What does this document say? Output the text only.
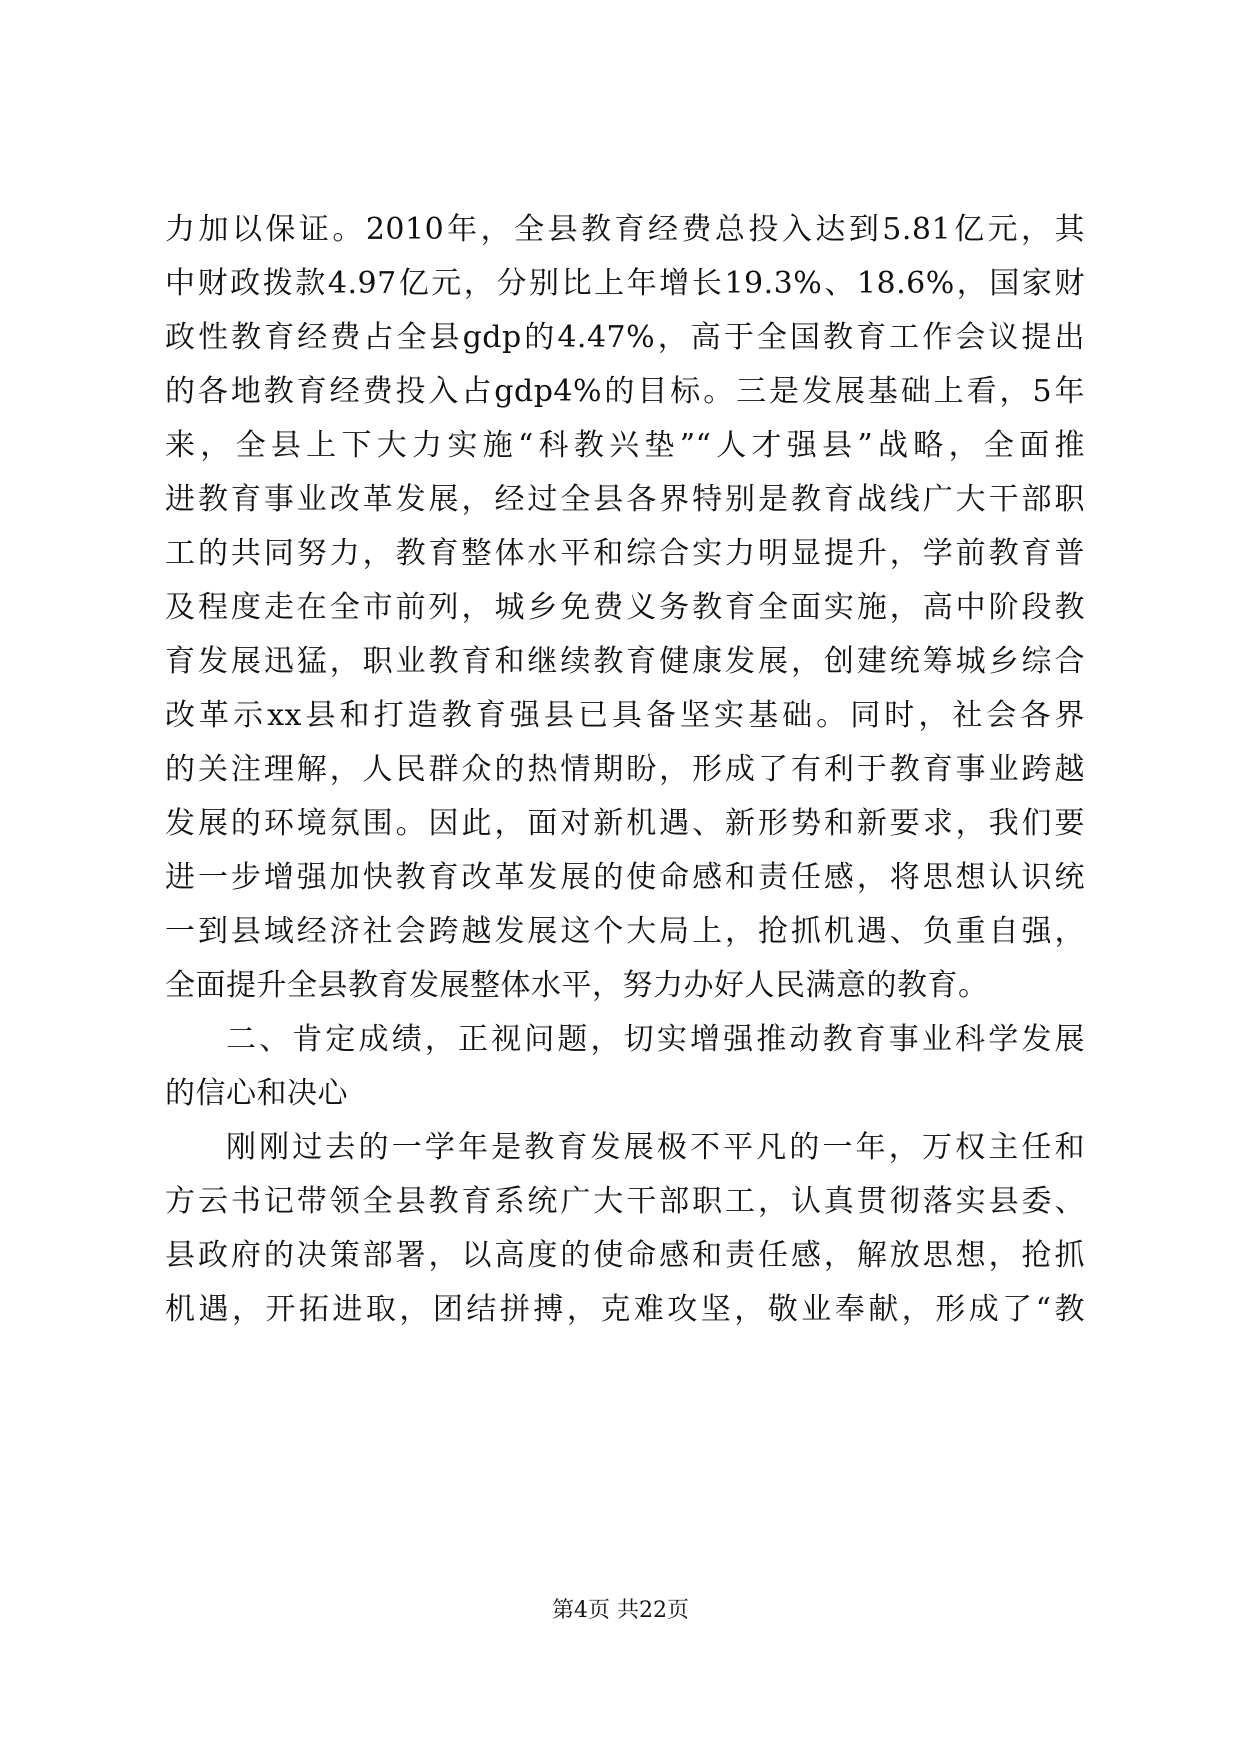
力加以保证。2010年，全县教育经费总投入达到5.81亿元，其
中财政拨款4.97亿元，分别比上年增长19.3%、18.6%，国家财
政性教育经费占全县gdp的4.47%，高于全国教育工作会议提出
的各地教育经费投入占gdp4%的目标。三是发展基础上看，5年
来，全县上下大力实施“科教兴垫”“人才强县”战略，全面推
进教育事业改革发展，经过全县各界特别是教育战线广大干部职
工的共同努力，教育整体水平和综合实力明显提升，学前教育普
及程度走在全市前列，城乡免费义务教育全面实施，高中阶段教
育发展迅猛，职业教育和继续教育健康发展，创建统筹城乡综合
改革示xx县和打造教育强县已具备坚实基础。同时，社会各界
的关注理解，人民群众的热情期盼，形成了有利于教育事业跨越
发展的环境氛围。因此，面对新机遇、新形势和新要求，我们要
进一步增强加快教育改革发展的使命感和责任感，将思想认识统
一到县域经济社会跨越发展这个大局上，抢抓机遇、负重自强，
全面提升全县教育发展整体水平，努力办好人民满意的教育。
二、肯定成绩，正视问题，切实增强推动教育事业科学发展
的信心和决心
刚刚过去的一学年是教育发展极不平凡的一年，万权主任和
方云书记带领全县教育系统广大干部职工，认真贯彻落实县委、
县政府的决策部署，以高度的使命感和责任感，解放思想，抢抓
机遇，开拓进取，团结拼搏，克难攻坚，敬业奉献，形成了“教
第4页 共22页
